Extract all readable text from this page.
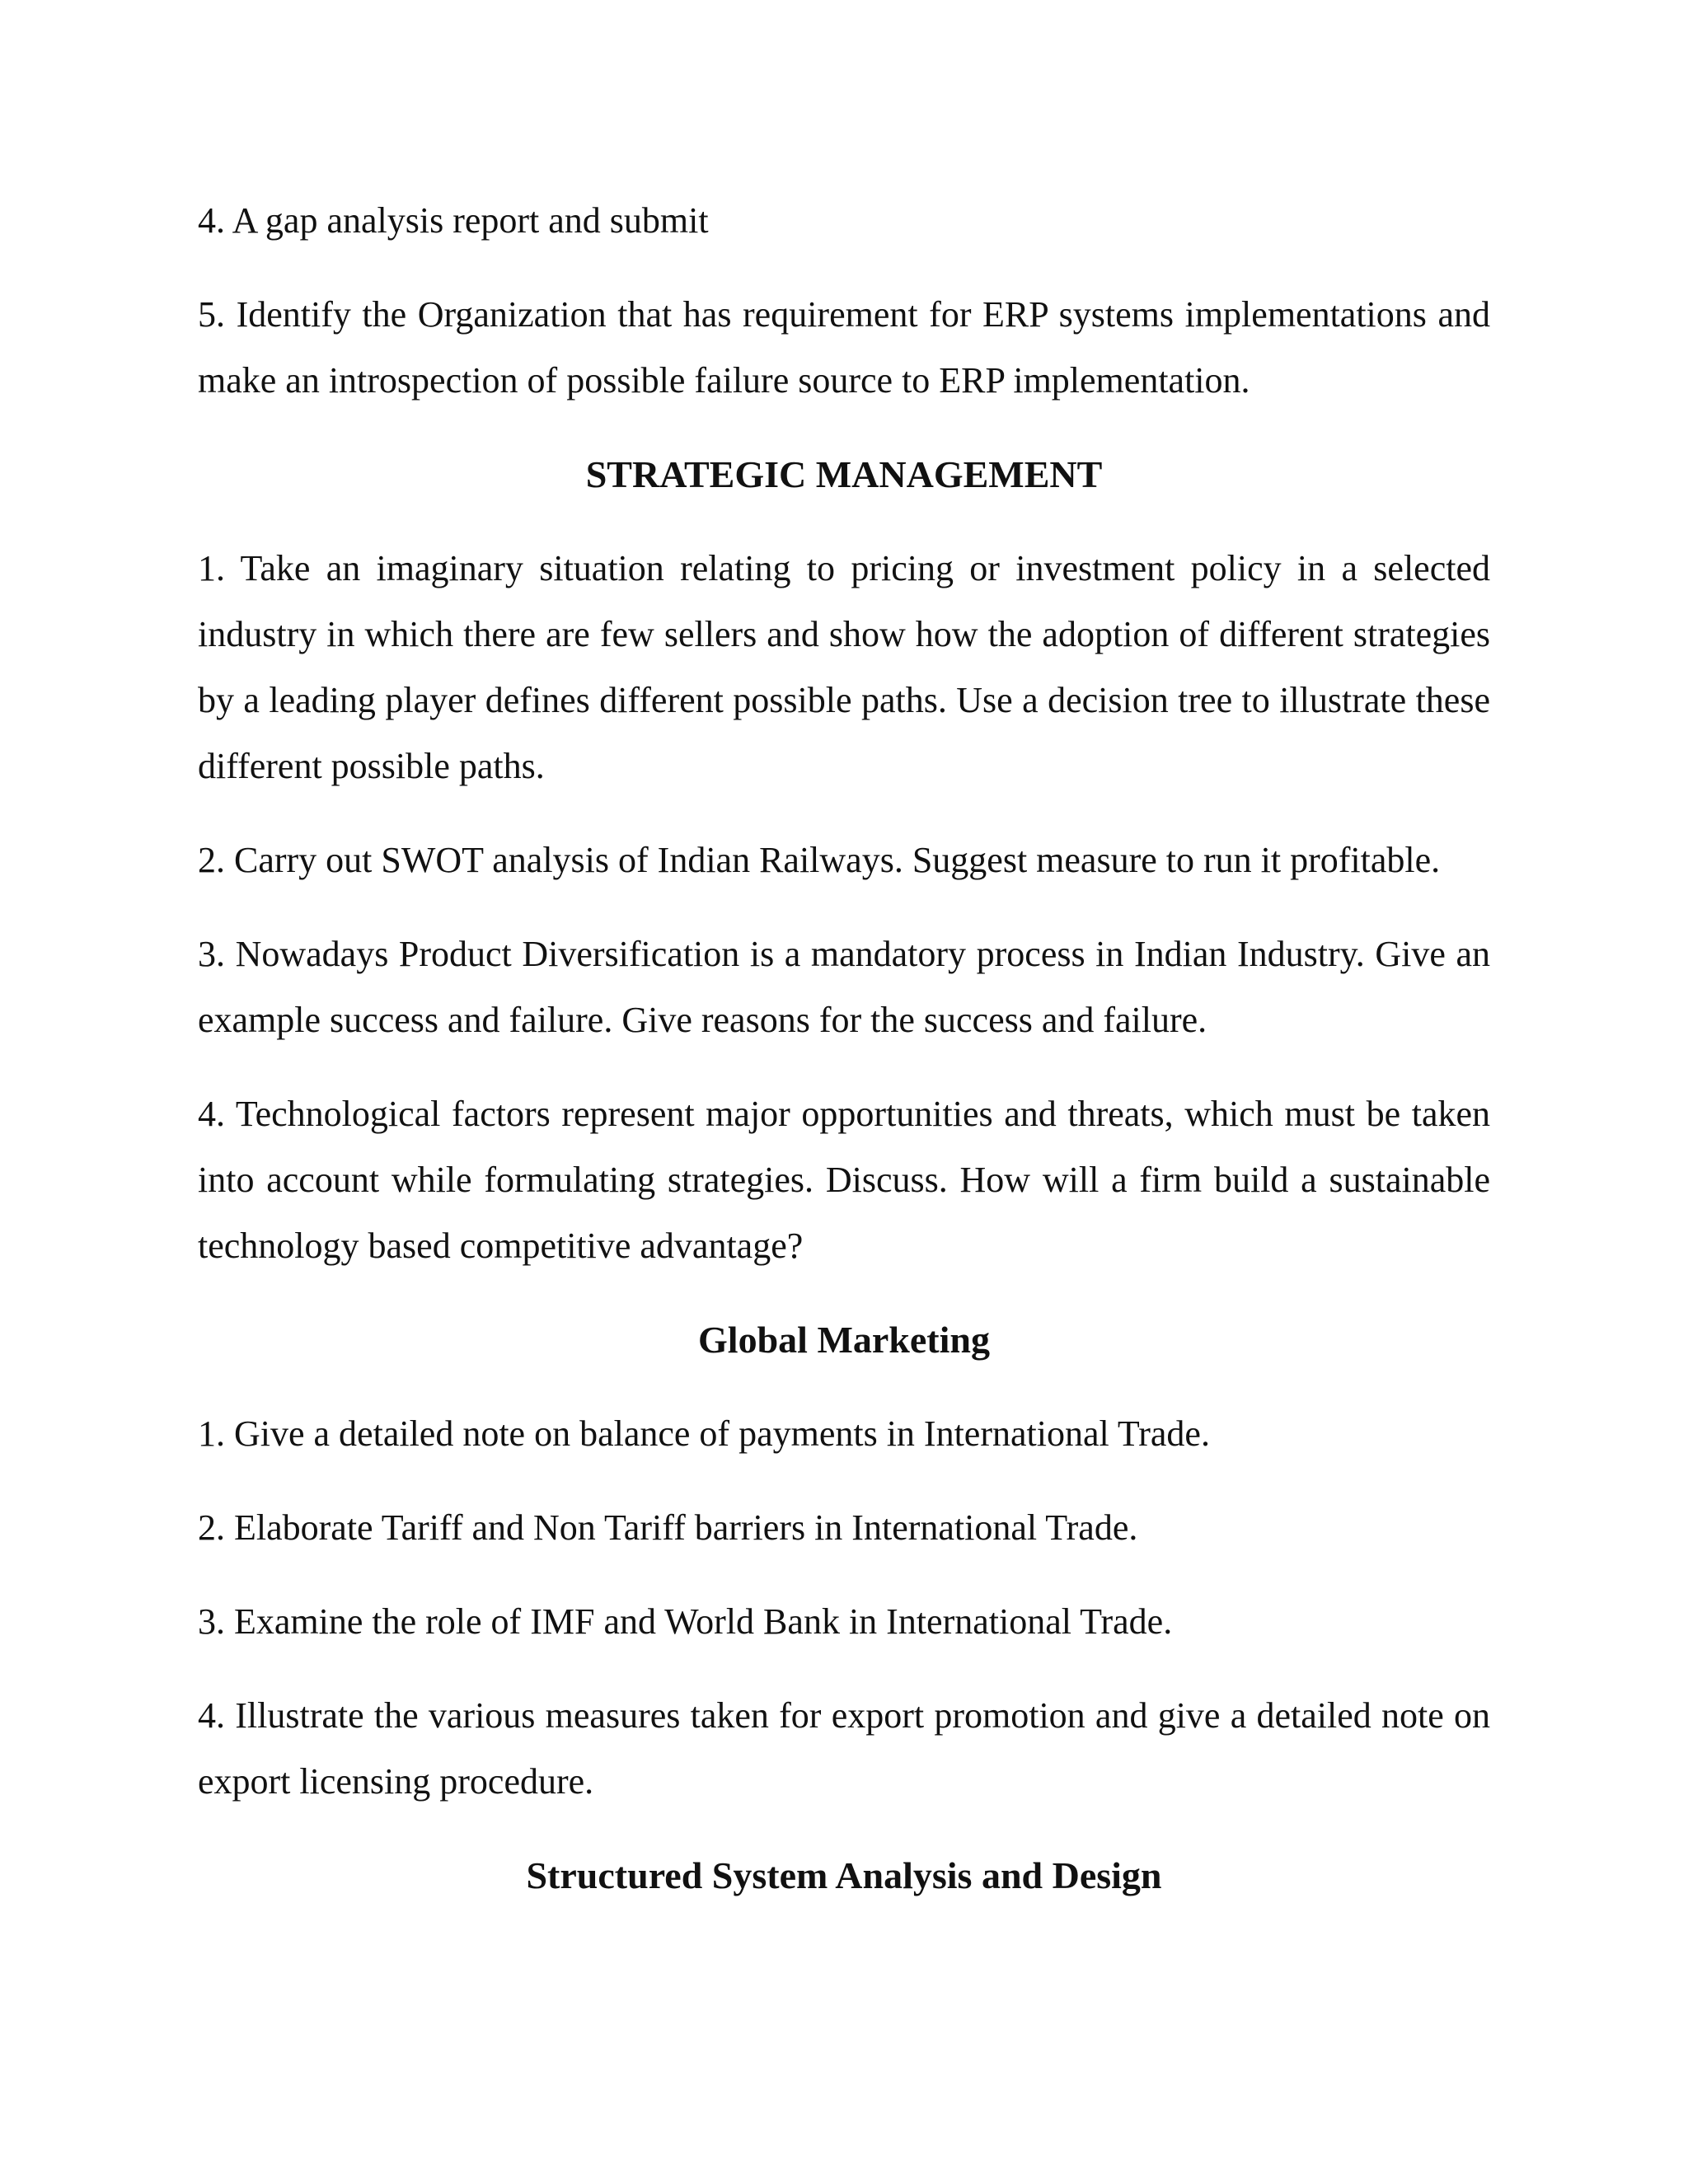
4. A gap analysis report and submit

5. Identify the Organization that has requirement for ERP systems implementations and make an introspection of possible failure source to ERP implementation.

STRATEGIC MANAGEMENT

1. Take an imaginary situation relating to pricing or investment policy in a selected industry in which there are few sellers and show how the adoption of different strategies by a leading player defines different possible paths. Use a decision tree to illustrate these different possible paths.

2. Carry out SWOT analysis of Indian Railways. Suggest measure to run it profitable.

3. Nowadays Product Diversification is a mandatory process in Indian Industry. Give an example success and failure. Give reasons for the success and failure.

4. Technological factors represent major opportunities and threats, which must be taken into account while formulating strategies. Discuss. How will a firm build a sustainable technology based competitive advantage?

Global Marketing

1. Give a detailed note on balance of payments in International Trade.

2. Elaborate Tariff and Non Tariff barriers in International Trade.

3. Examine the role of IMF and World Bank in International Trade.

4. Illustrate the various measures taken for export promotion and give a detailed note on export licensing procedure.

Structured System Analysis and Design
